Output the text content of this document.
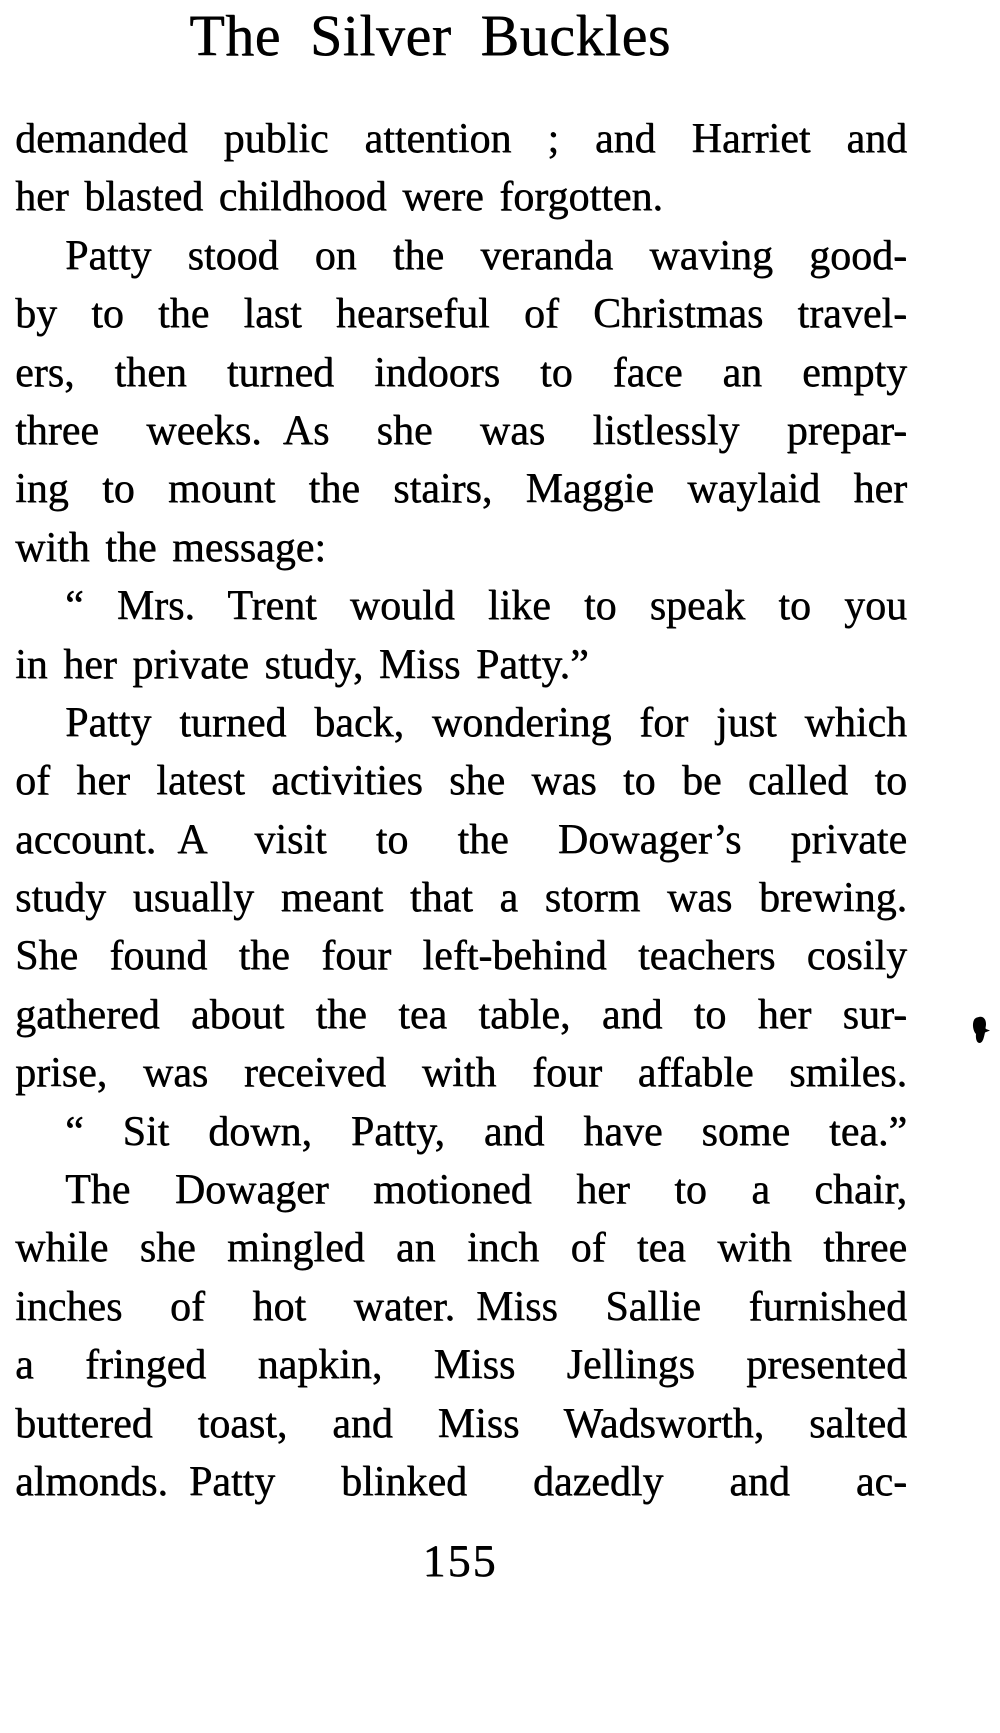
The Silver Buckles
demanded public attention ; and Harriet and
her blasted childhood were forgotten.
Patty stood on the veranda waving good-
by to the last hearseful of Christmas travel-
ers, then turned indoors to face an empty
three weeks. As she was listlessly prepar-
ing to mount the stairs, Maggie waylaid her
with the message:
“ Mrs. Trent would like to speak to you
in her private study, Miss Patty.”
Patty turned back, wondering for just which
of her latest activities she was to be called to
account. A visit to the Dowager’s private
study usually meant that a storm was brewing.
She found the four left-behind teachers cosily
gathered about the tea table, and to her sur-
prise, was received with four affable smiles.
“ Sit down, Patty, and have some tea.”
The Dowager motioned her to a chair,
while she mingled an inch of tea with three
inches of hot water. Miss Sallie furnished
a fringed napkin, Miss Jellings presented
buttered toast, and Miss Wadsworth, salted
almonds. Patty blinked dazedly and ac-
155
